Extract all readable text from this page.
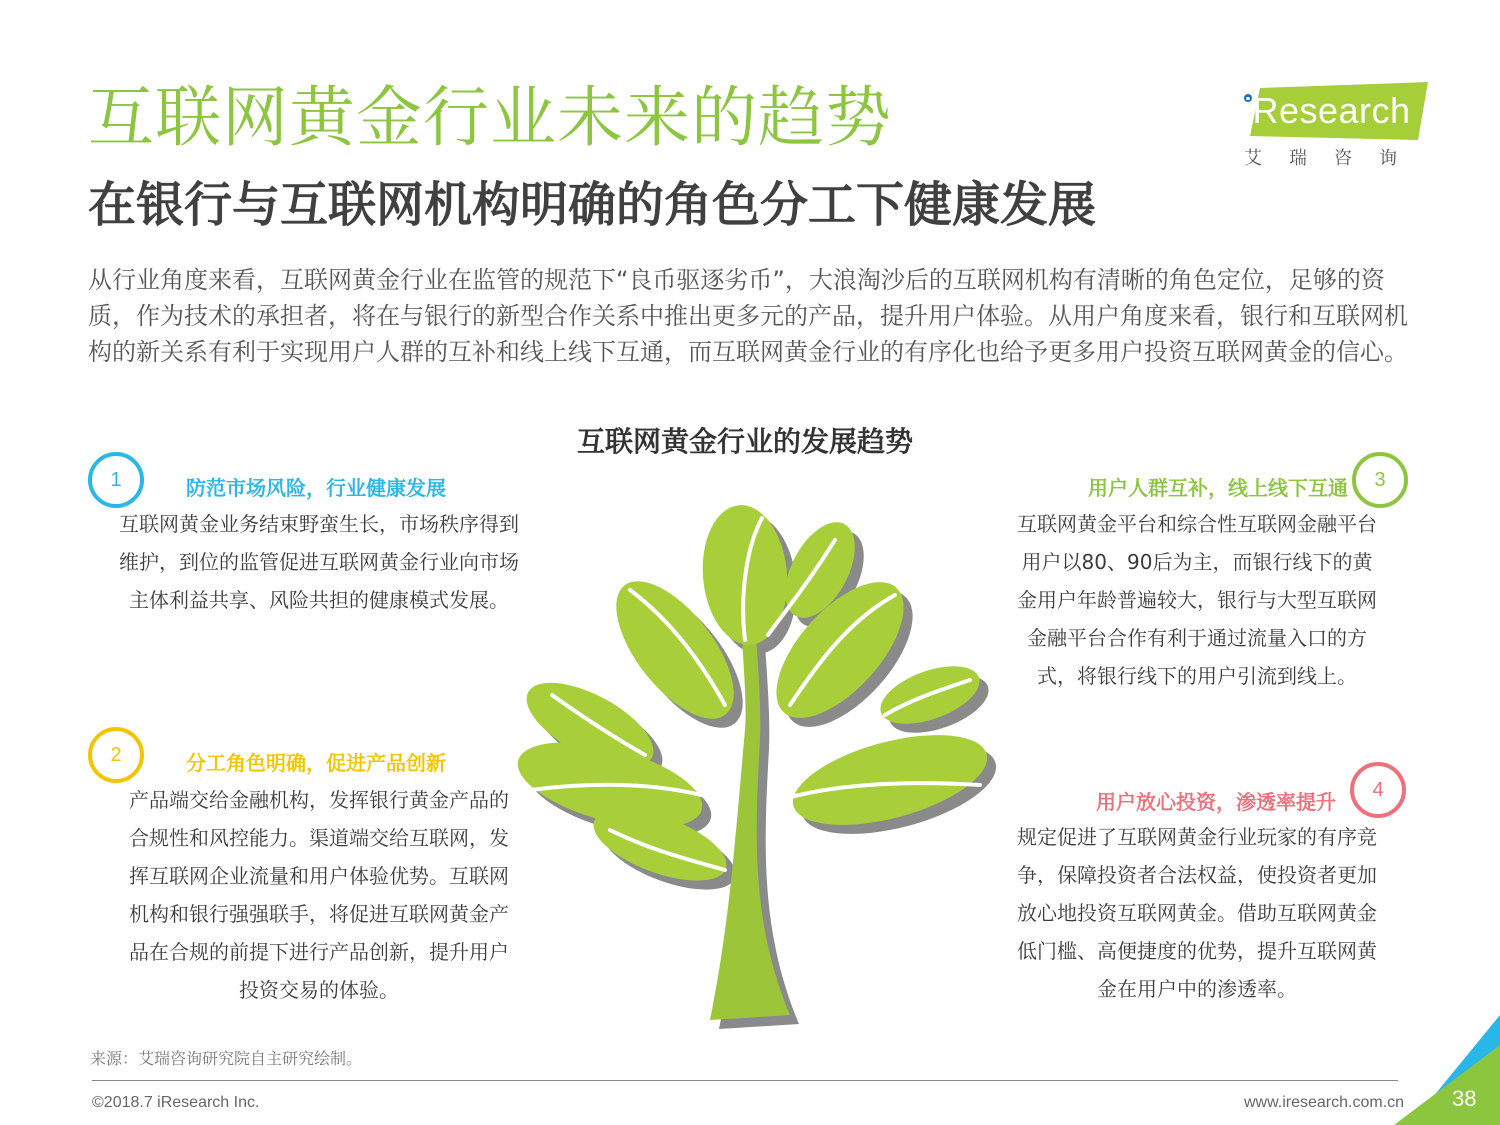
互联网黄金行业未来的趋势
在银行与互联网机构明确的角色分工下健康发展

从行业角度来看，互联网黄金行业在监管的规范下“良币驱逐劣币”，大浪淘沙后的互联网机构有清晰的角色定位，足够的资质，作为技术的承担者，将在与银行的新型合作关系中推出更多元的产品，提升用户体验。从用户角度来看，银行和互联网机构的新关系有利于实现用户人群的互补和线上线下互通，而互联网黄金行业的有序化也给予更多用户投资互联网黄金的信心。

iResearch
艾瑞咨询
互联网黄金行业的发展趋势
1	防范市场风险，行业健康发展
互联网黄金业务结束野蛮生长，市场秩序得到维护，到位的监管促进互联网黄金行业向市场主体利益共享、风险共担的健康模式发展。
2	分工角色明确，促进产品创新
产品端交给金融机构，发挥银行黄金产品的合规性和风控能力。渠道端交给互联网，发挥互联网企业流量和用户体验优势。互联网机构和银行强强联手，将促进互联网黄金产品在合规的前提下进行产品创新，提升用户投资交易的体验。
3
用户人群互补，线上线下互通
互联网黄金平台和综合性互联网金融平台用户以80、90后为主，而银行线下的黄金用户年龄普遍较大，银行与大型互联网金融平台合作有利于通过流量入口的方式，将银行线下的用户引流到线上。
4
用户放心投资，渗透率提升
规定促进了互联网黄金行业玩家的有序竞争，保障投资者合法权益，使投资者更加放心地投资互联网黄金。借助互联网黄金低门槛、高便捷度的优势，提升互联网黄金在用户中的渗透率。
来源：艾瑞咨询研究院自主研究绘制。
©2018.7 iResearch Inc.	www.iresearch.com.cn 38
